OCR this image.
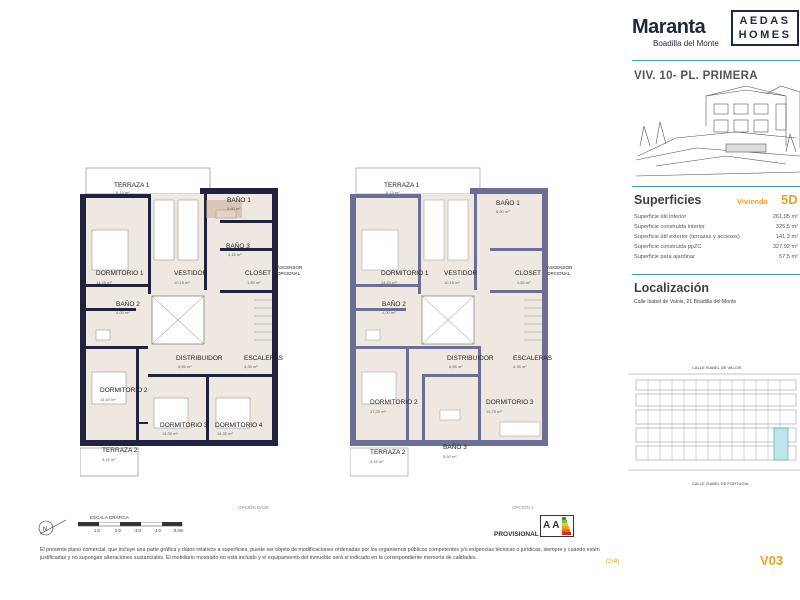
Maranta
Boadilla del Monte
AEDAS
HOMES
VIV. 10- PL. PRIMERA
Superficies	Vivienda 5D
Superficie útil interior	261,95 m²
Superficie construida interior	325,5 m²
Superficie útil exterior (terrazas y accesos)	141,3 m²
Superficie construida ppZC	327,92 m²
Superficie para ajardinar	57,5 m²
Localización
Calle Isabel de Valois, 21 Boadilla del Monte
CALLE ISABEL DE VALOIS
CALLE ISABEL DE PORTUGAL
TERRAZA 1
8,15 m²
BAÑO 1
6,60 m²
BAÑO 3
4,15 m²
DORMITORIO 1
14,20 m²
VESTIDOR
10,15 m²
CLOSET
1,85 m²
ASCENSOR
OPCIONAL
BAÑO 2
4,00 m²
DISTRIBUIDOR
8,55 m²
ESCALERAS
4,35 m²
DORMITORIO 2
14,60 m²
DORMITORIO 3
14,30 m²
DORMITORIO 4
14,30 m²
TERRAZA 2
3,15 m²
OPCIÓN BASE
TERRAZA 1
8,15 m²
BAÑO 1
6,60 m²
DORMITORIO 1
14,20 m²
VESTIDOR
10,15 m²
CLOSET
1,85 m²
ASCENSOR
OPCIONAL
BAÑO 2
4,00 m²
DISTRIBUIDOR
8,55 m²
ESCALERAS
4,35 m²
DORMITORIO 2
17,20 m²
DORMITORIO 3
16,75 m²
BAÑO 3
5,50 m²
TERRAZA 2
3,15 m²
OPCIÓN 1
N
ESCALA GRÁFICA
1.0	2.0	3.0	4.0	5.0m
PROVISIONAL
A A
El presente plano comercial, que incluye una parte gráfica y datos relativos a superficies, puede ser objeto de modificaciones ordenadas por los organismos públicos competentes y/o exigencias técnicas o jurídicas, siempre y cuando estén justificadas y no supongan alteraciones sustanciales. El mobiliario mostrado no está incluido y el equipamiento del inmueble será el indicado en la correspondiente memoria de calidades.
(2/4)	V03
